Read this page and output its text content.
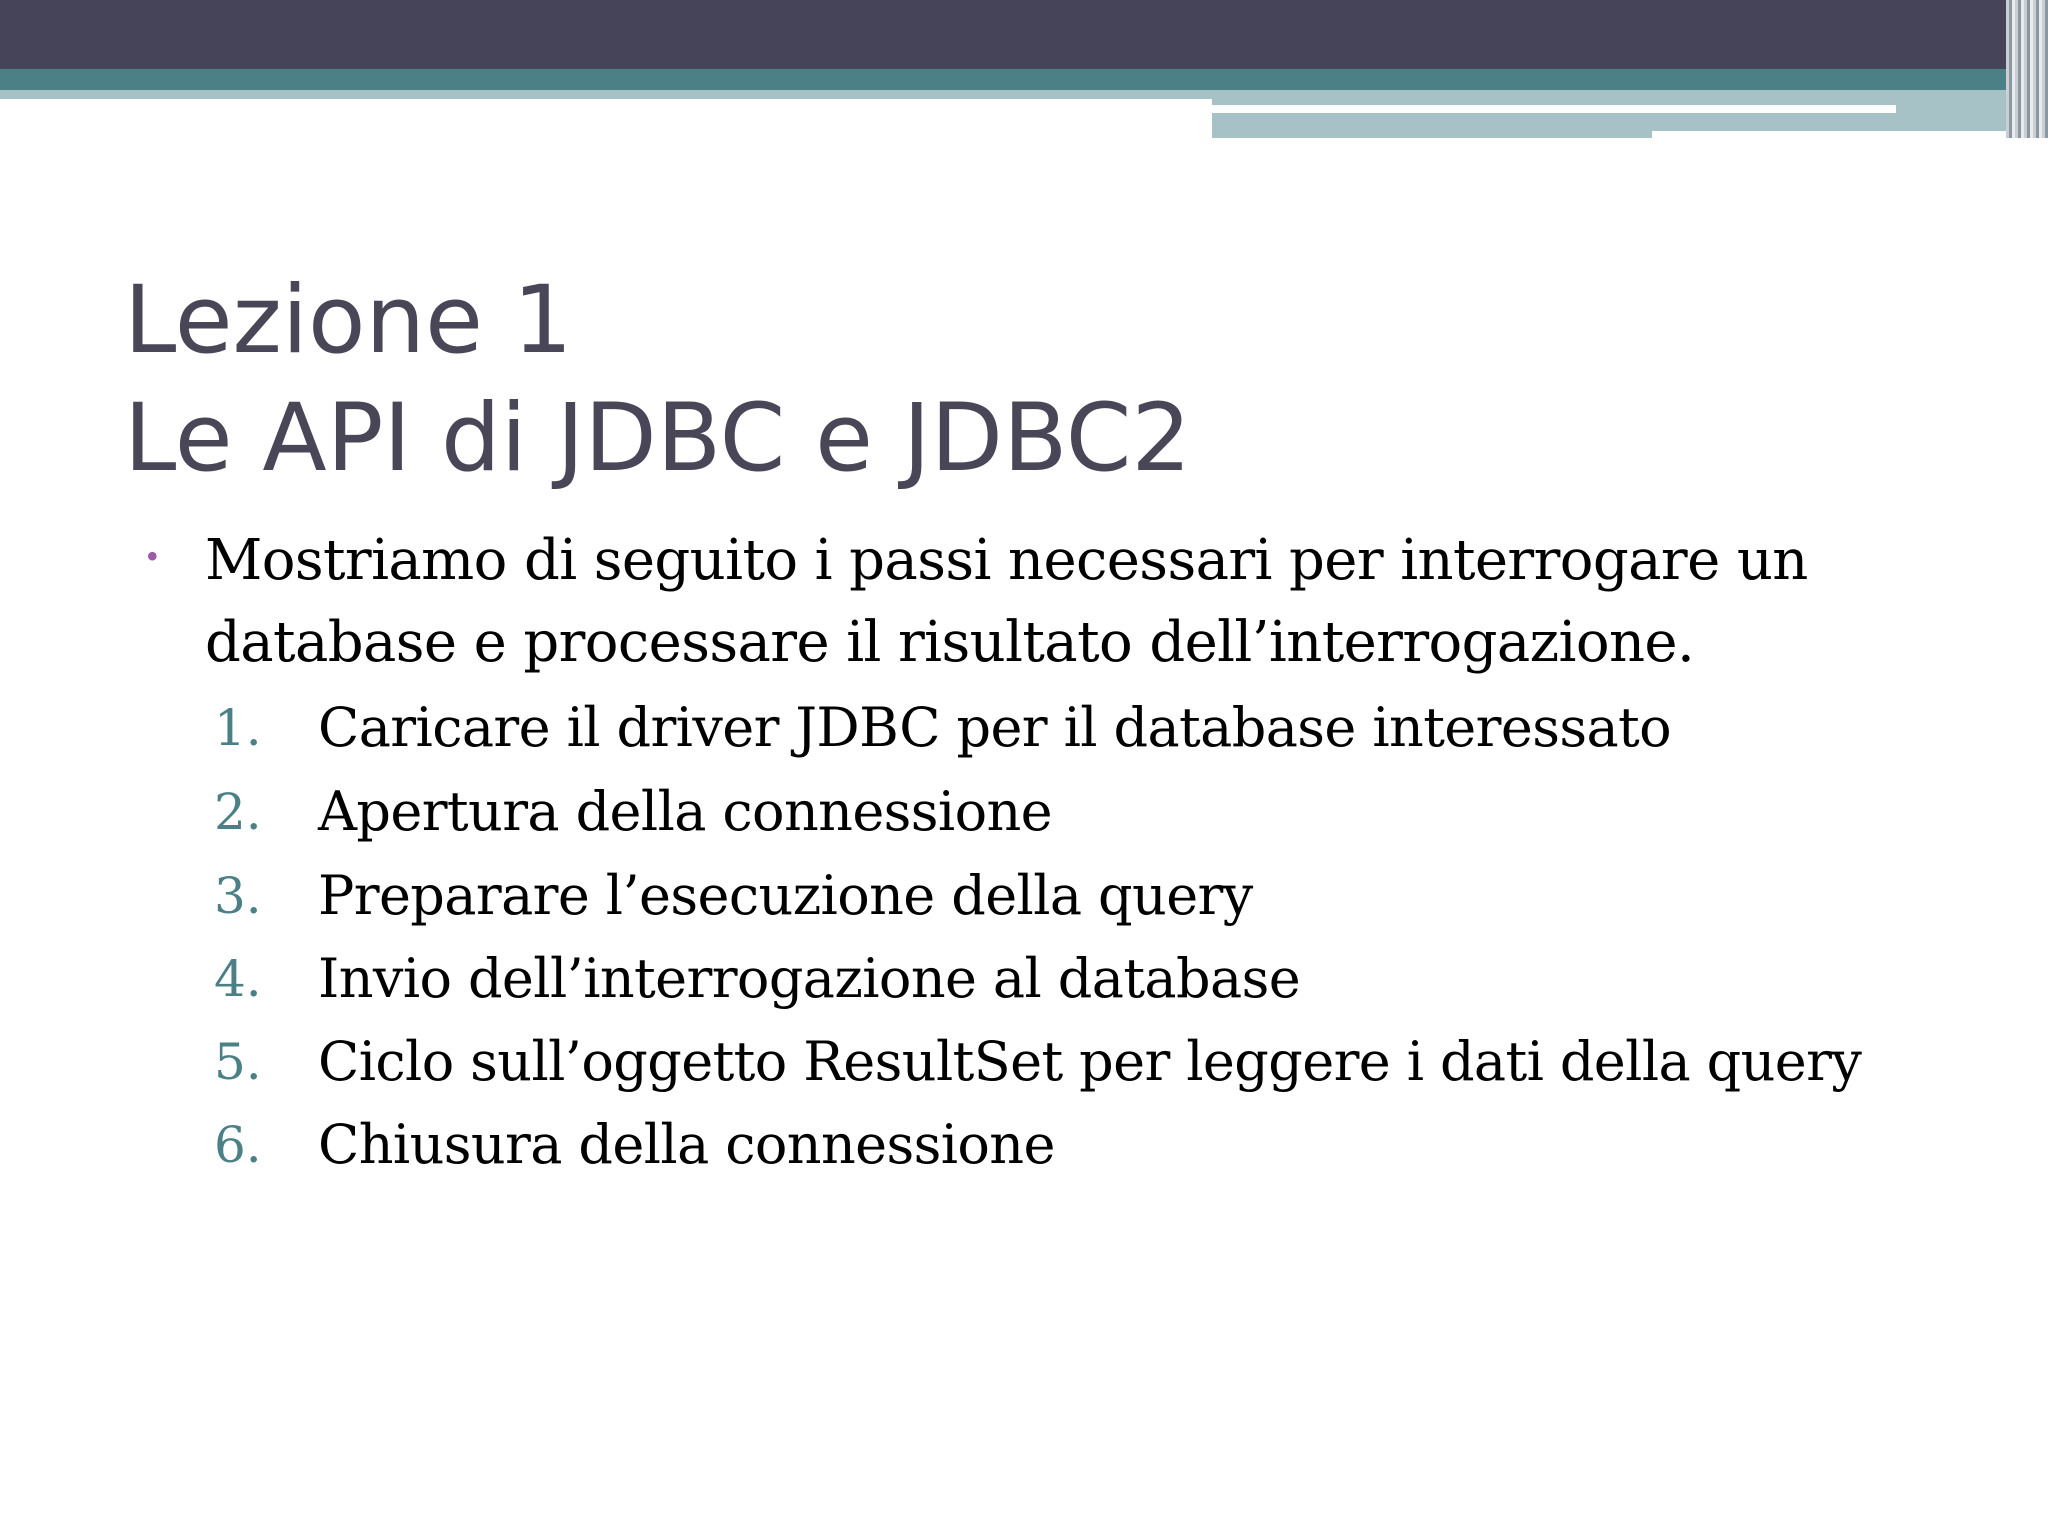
Lezione 1
Le API di JDBC e JDBC2
• Mostriamo di seguito i passi necessari per interrogare un
database e processare il risultato dell’interrogazione.
1. Caricare il driver JDBC per il database interessato
2. Apertura della connessione
3. Preparare l’esecuzione della query
4. Invio dell’interrogazione al database
5. Ciclo sull’oggetto ResultSet per leggere i dati della query
6. Chiusura della connessione
